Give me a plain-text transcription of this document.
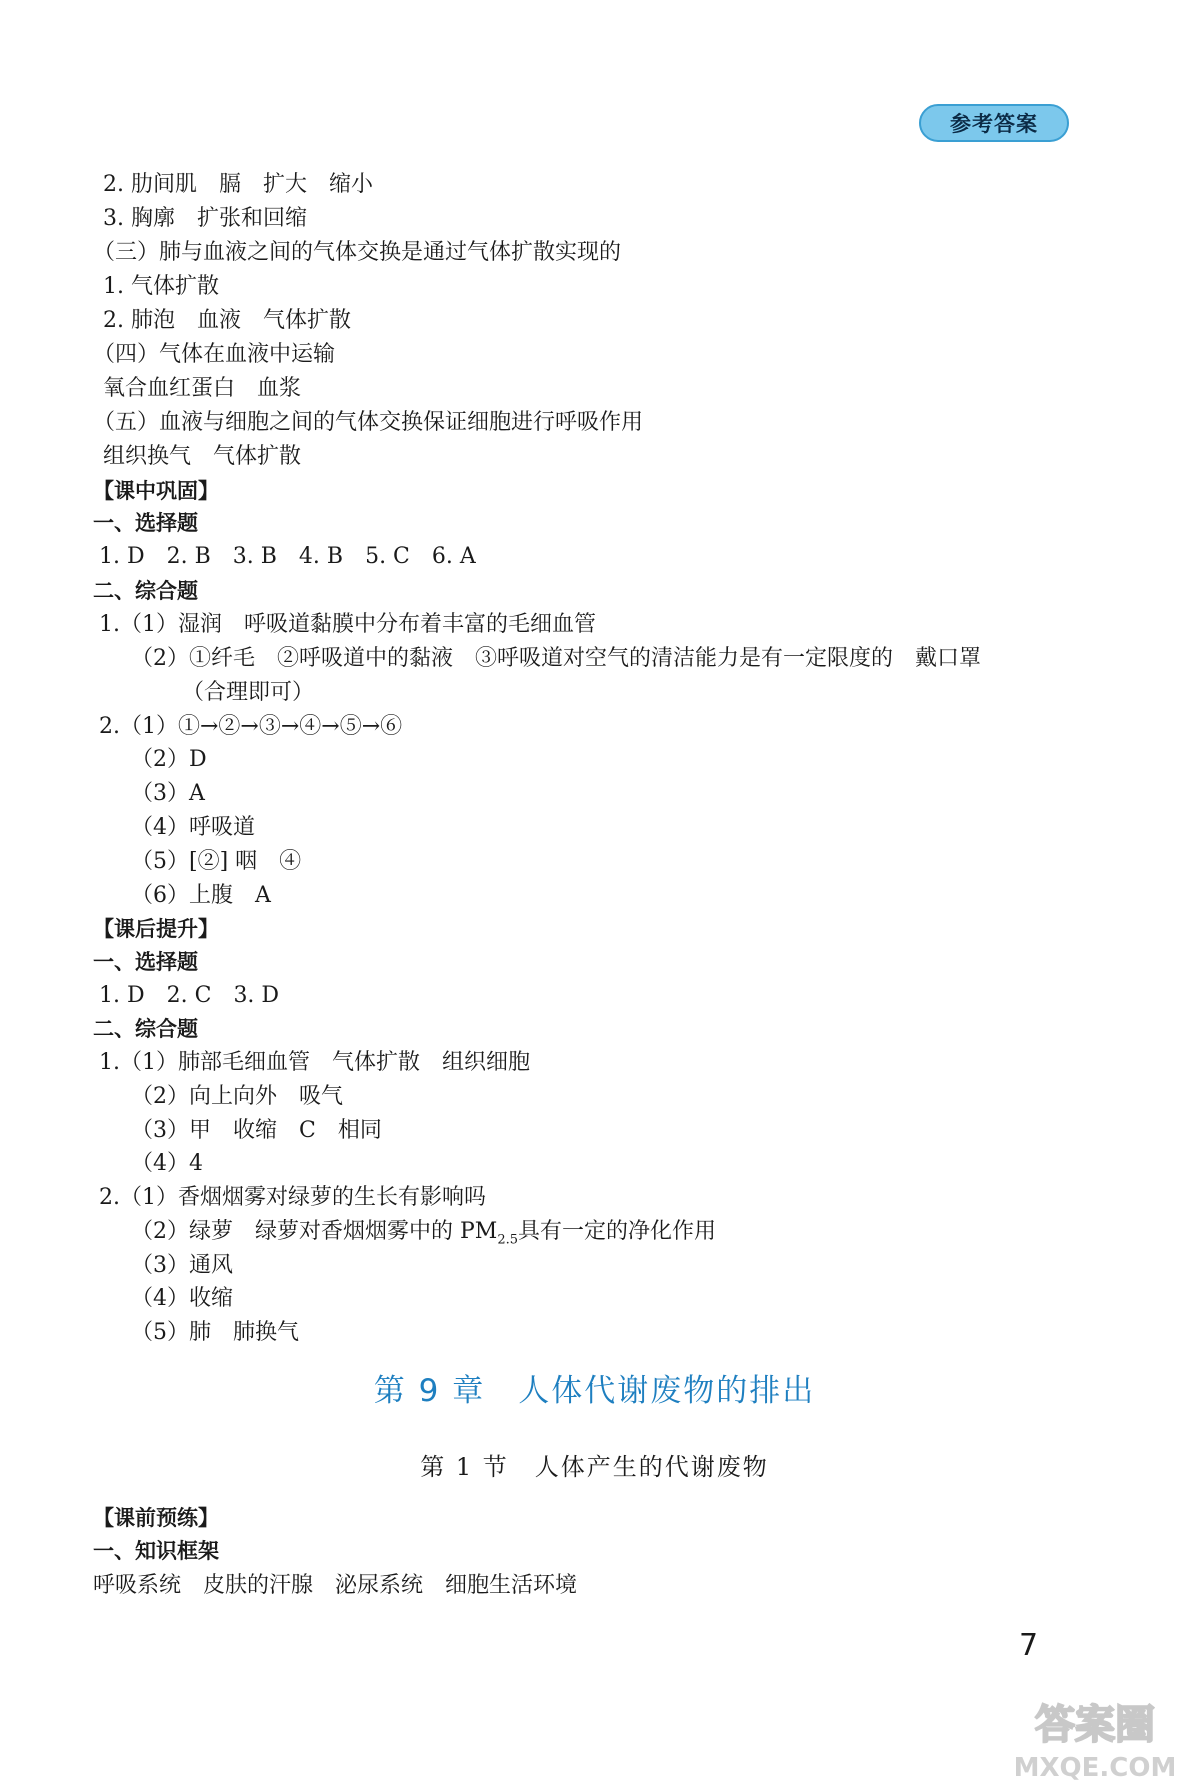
参考答案
2. 肋间肌　膈　扩大　缩小
3. 胸廓　扩张和回缩
（三）肺与血液之间的气体交换是通过气体扩散实现的
1. 气体扩散
2. 肺泡　血液　气体扩散
（四）气体在血液中运输
氧合血红蛋白　血浆
（五）血液与细胞之间的气体交换保证细胞进行呼吸作用
组织换气　气体扩散
【课中巩固】
一、选择题
1. D　2. B　3. B　4. B　5. C　6. A
二、综合题
1.（1）湿润　呼吸道黏膜中分布着丰富的毛细血管
（2）①纤毛　②呼吸道中的黏液　③呼吸道对空气的清洁能力是有一定限度的　戴口罩
（合理即可）
2.（1）①→②→③→④→⑤→⑥
（2）D
（3）A
（4）呼吸道
（5）[②] 咽　④
（6）上腹　A
【课后提升】
一、选择题
1. D　2. C　3. D
二、综合题
1.（1）肺部毛细血管　气体扩散　组织细胞
（2）向上向外　吸气
（3）甲　收缩　C　相同
（4）4
2.（1）香烟烟雾对绿萝的生长有影响吗
（2）绿萝　绿萝对香烟烟雾中的 $PM_{2.5}$具有一定的净化作用
（3）通风
（4）收缩
（5）肺　肺换气
第 9 章　人体代谢废物的排出
第 1 节　人体产生的代谢废物
【课前预练】
一、知识框架
呼吸系统　皮肤的汗腺　泌尿系统　细胞生活环境
7
答案圈
MXQE.COM
